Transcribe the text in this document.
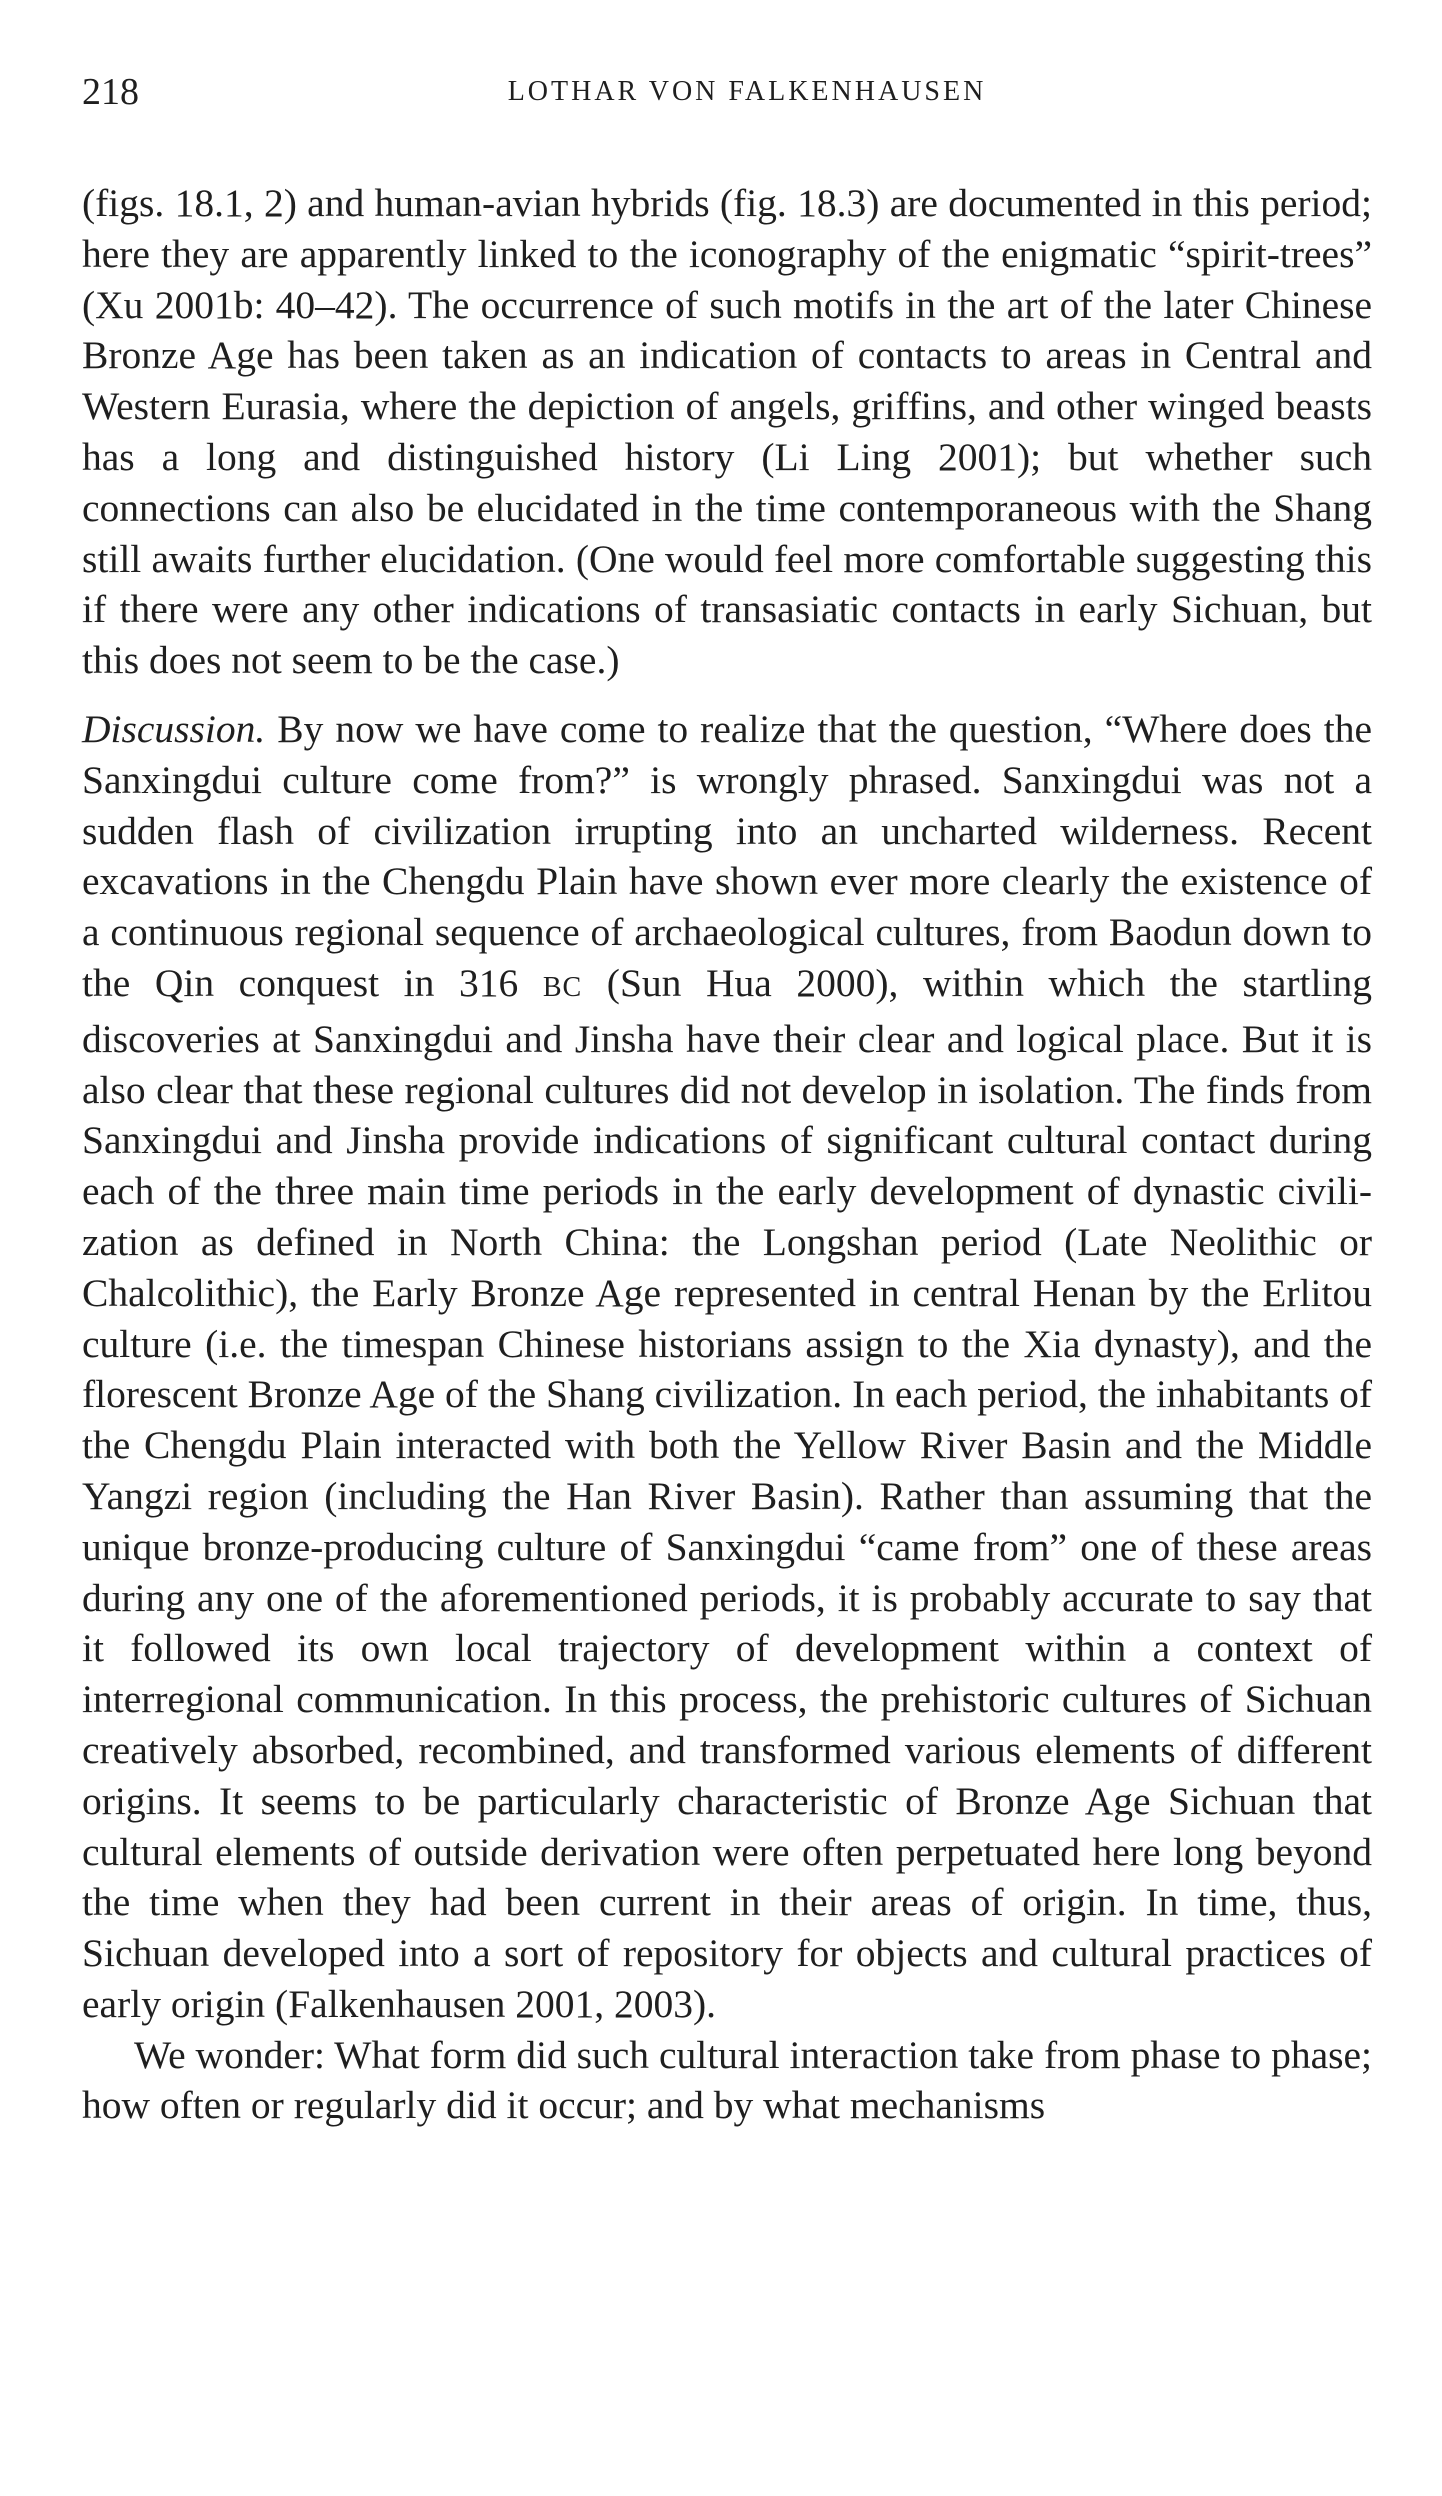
218	LOTHAR VON FALKENHAUSEN

(figs. 18.1, 2) and human-avian hybrids (fig. 18.3) are documented in this period; here they are apparently linked to the iconography of the enigmatic “spirit-trees” (Xu 2001b: 40–42). The occurrence of such motifs in the art of the later Chinese Bronze Age has been taken as an indication of contacts to areas in Central and Western Eurasia, where the depiction of angels, griffins, and other winged beasts has a long and distinguished history (Li Ling 2001); but whether such connections can also be elucidated in the time contemporaneous with the Shang still awaits further elucidation. (One would feel more comfortable suggesting this if there were any other indications of transasiatic contacts in early Sichuan, but this does not seem to be the case.)

Discussion. By now we have come to realize that the question, “Where does the Sanxingdui culture come from?” is wrongly phrased. Sanxingdui was not a sudden flash of civilization irrupting into an uncharted wilderness. Recent excavations in the Chengdu Plain have shown ever more clearly the existence of a continuous regional sequence of archaeological cultures, from Baodun down to the Qin conquest in 316 BC (Sun Hua 2000), within which the startling discoveries at Sanxingdui and Jinsha have their clear and logical place. But it is also clear that these regional cultures did not develop in isolation. The finds from Sanxingdui and Jinsha provide indications of significant cultural contact during each of the three main time periods in the early development of dynastic civilization as defined in North China: the Longshan period (Late Neolithic or Chalcolithic), the Early Bronze Age represented in central Henan by the Erlitou culture (i.e. the timespan Chinese historians assign to the Xia dynasty), and the florescent Bronze Age of the Shang civilization. In each period, the inhabitants of the Chengdu Plain interacted with both the Yellow River Basin and the Middle Yangzi region (including the Han River Basin). Rather than assuming that the unique bronze-producing culture of Sanxingdui “came from” one of these areas during any one of the aforementioned periods, it is probably accurate to say that it followed its own local trajectory of development within a context of interregional communication. In this process, the prehistoric cultures of Sichuan creatively absorbed, recombined, and transformed various elements of different origins. It seems to be particularly characteristic of Bronze Age Sichuan that cultural elements of outside derivation were often perpetuated here long beyond the time when they had been current in their areas of origin. In time, thus, Sichuan developed into a sort of repository for objects and cultural practices of early origin (Falkenhausen 2001, 2003).

We wonder: What form did such cultural interaction take from phase to phase; how often or regularly did it occur; and by what mechanisms
